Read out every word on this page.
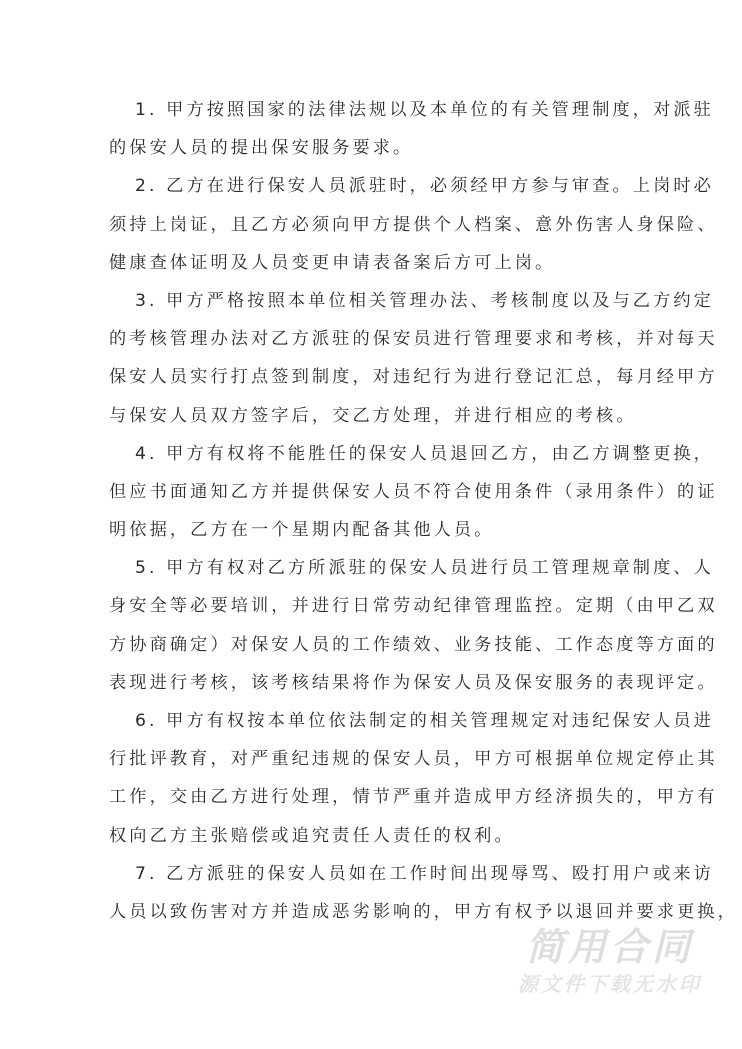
1. 甲方按照国家的法律法规以及本单位的有关管理制度，对派驻
的保安人员的提出保安服务要求。
2. 乙方在进行保安人员派驻时，必须经甲方参与审查。上岗时必
须持上岗证，且乙方必须向甲方提供个人档案、意外伤害人身保险、
健康查体证明及人员变更申请表备案后方可上岗。
3. 甲方严格按照本单位相关管理办法、考核制度以及与乙方约定
的考核管理办法对乙方派驻的保安员进行管理要求和考核，并对每天
保安人员实行打点签到制度，对违纪行为进行登记汇总，每月经甲方
与保安人员双方签字后，交乙方处理，并进行相应的考核。
4. 甲方有权将不能胜任的保安人员退回乙方，由乙方调整更换，
但应书面通知乙方并提供保安人员不符合使用条件（录用条件）的证
明依据，乙方在一个星期内配备其他人员。
5. 甲方有权对乙方所派驻的保安人员进行员工管理规章制度、人
身安全等必要培训，并进行日常劳动纪律管理监控。定期（由甲乙双
方协商确定）对保安人员的工作绩效、业务技能、工作态度等方面的
表现进行考核，该考核结果将作为保安人员及保安服务的表现评定。
6. 甲方有权按本单位依法制定的相关管理规定对违纪保安人员进
行批评教育，对严重纪违规的保安人员，甲方可根据单位规定停止其
工作，交由乙方进行处理，情节严重并造成甲方经济损失的，甲方有
权向乙方主张赔偿或追究责任人责任的权利。
7. 乙方派驻的保安人员如在工作时间出现辱骂、殴打用户或来访
人员以致伤害对方并造成恶劣影响的，甲方有权予以退回并要求更换，
简用合同
源文件下载无水印
